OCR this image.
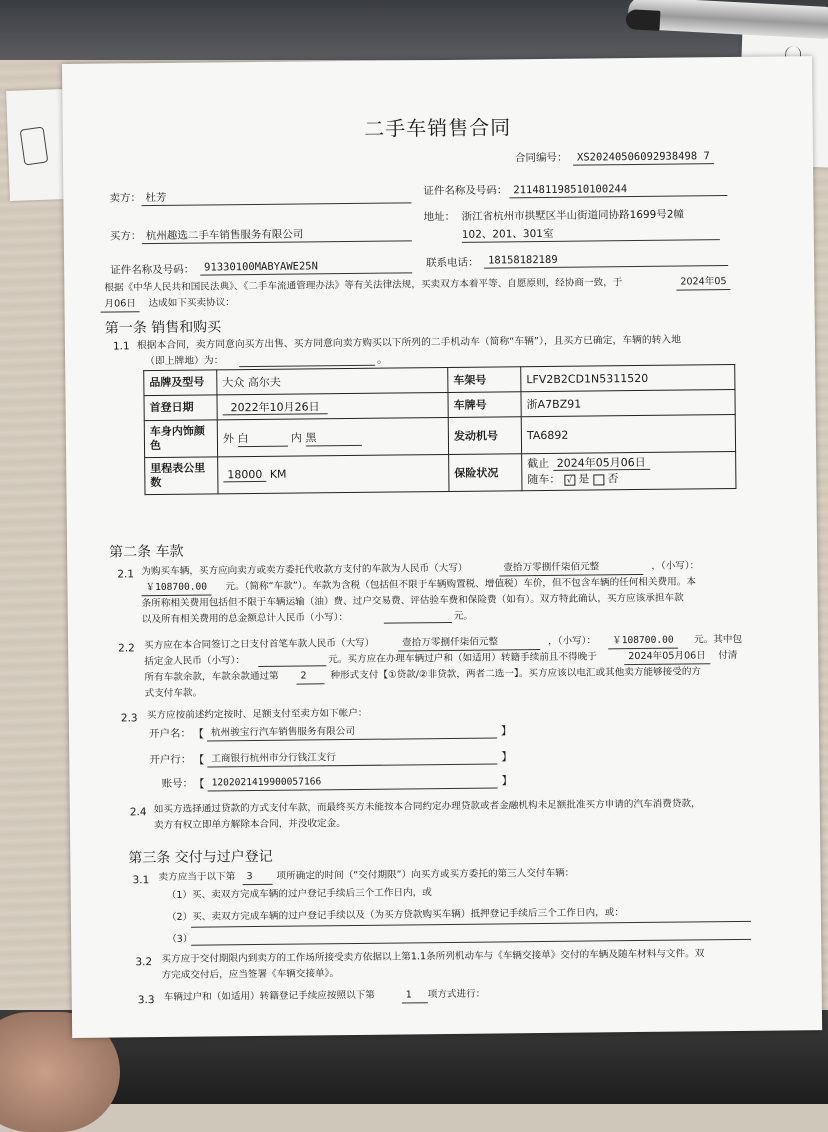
二手车销售合同
合同编号： XS20240506092938498 7
卖方： 杜芳
证件名称及号码： 211481198510100244
地址： 浙江省杭州市拱墅区半山街道同协路1699号2幢
102、201、301室
买方： 杭州趣选二手车销售服务有限公司
证件名称及号码： 91330100MABYAWE25N	联系电话： 18158182189
根据《中华人民共和国民法典》、《二手车流通管理办法》等有关法律法规，买卖双方本着平等、自愿原则，经协商一致，于	2024年05
月06日	达成如下买卖协议：
第一条 销售和购买
1.1 根据本合同，卖方同意向买方出售、买方同意向卖方购买以下所列的二手机动车（简称“车辆”），且买方已确定，车辆的转入地
（即上牌地）为：	。
品牌及型号	大众 高尔夫	车架号	LFV2B2CD1N5311520
首登日期	2022年10月26日	车牌号	浙A7BZ91
车身内饰颜色	外 白 内 黑	发动机号	TA6892
里程表公里数	18000 KM	保险状况	截止 2024年05月06日
随车： √ 是 否
第二条 车款
2.1 为购买车辆，买方应向卖方或卖方委托代收款方支付的车款为人民币（大写）	壹拾万零捌仟柒佰元整	，（小写）：
￥108700.00	元。（简称“车款”）。车款为含税（包括但不限于车辆购置税、增值税）车价，但不包含车辆的任何相关费用。本
条所称相关费用包括但不限于车辆运输（油）费、过户交易费、评估验车费和保险费（如有）。双方特此确认，买方应该承担车款
以及所有相关费用的总金额总计人民币（小写）：	元。
2.2 买方应在本合同签订之日支付首笔车款人民币（大写）	壹拾万零捌仟柒佰元整	，（小写）：	￥108700.00	元。其中包
括定金人民币（小写）：	元。买方应在办理车辆过户和（如适用）转籍手续前且不得晚于	2024年05月06日	付清
所有车款余款，车款余款通过第	2	种形式支付【①贷款/②非贷款，两者二选一】。买方应该以电汇或其他卖方能够接受的方
式支付车款。
2.3 买方应按前述约定按时、足额支付至卖方如下帐户：
开户名： 【 杭州骏宝行汽车销售服务有限公司	】
开户行： 【 工商银行杭州市分行钱江支行	】
账号： 【 1202021419900057166	】
2.4 如买方选择通过贷款的方式支付车款，而最终买方未能按本合同约定办理贷款或者金融机构未足额批准买方申请的汽车消费贷款，
卖方有权立即单方解除本合同，并没收定金。
第三条 交付与过户登记
3.1 卖方应当于以下第	3	项所确定的时间（“交付期限”）向买方或买方委托的第三人交付车辆：
（1）买、卖双方完成车辆的过户登记手续后三个工作日内，或
（2）买、卖双方完成车辆的过户登记手续以及（为买方贷款购买车辆）抵押登记手续后三个工作日内，或：
（3）
3.2 买方应于交付期限内到卖方的工作场所接受卖方依据以上第1.1条所列机动车与《车辆交接单》交付的车辆及随车材料与文件。双
方完成交付后，应当签署《车辆交接单》。
3.3 车辆过户和（如适用）转籍登记手续应按照以下第	1	项方式进行：
